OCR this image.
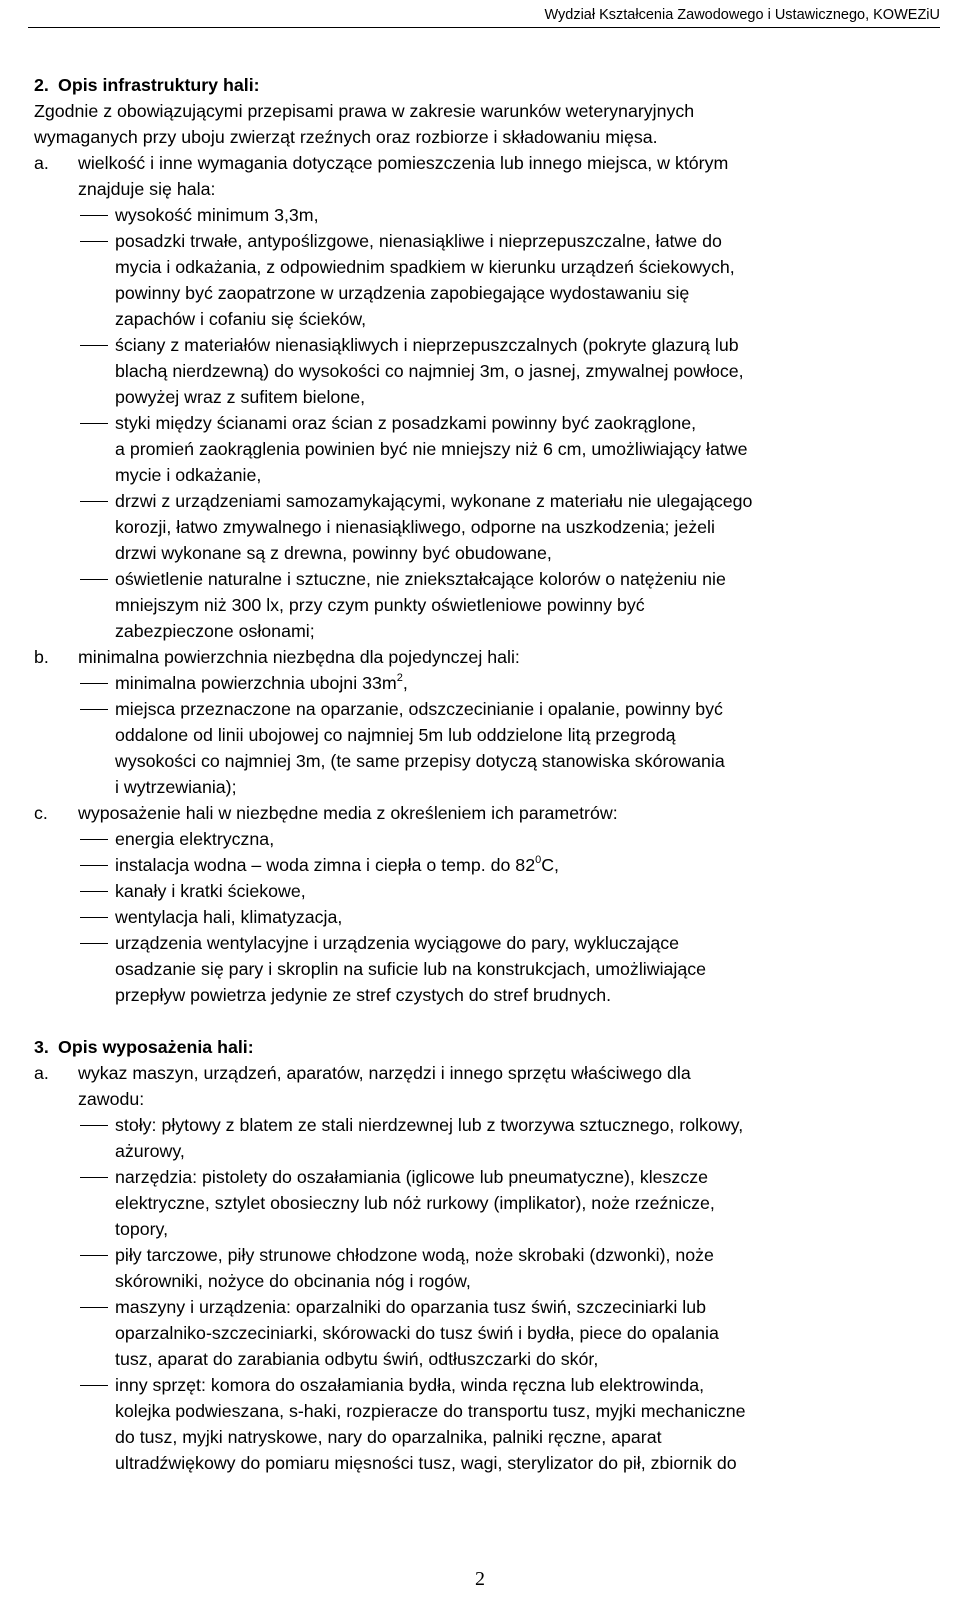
Wydział Kształcenia Zawodowego i Ustawicznego, KOWEZiU
2. Opis infrastruktury hali:
Zgodnie z obowiązującymi przepisami prawa w zakresie warunków weterynaryjnych
wymaganych przy uboju zwierząt rzeźnych oraz rozbiorze i składowaniu mięsa.
a. wielkość i inne wymagania dotyczące pomieszczenia lub innego miejsca, w którym
znajduje się hala:
wysokość minimum 3,3m,
posadzki trwałe, antypoślizgowe, nienasiąkliwe i nieprzepuszczalne, łatwe do
mycia i odkażania, z odpowiednim spadkiem w kierunku urządzeń ściekowych,
powinny być zaopatrzone w urządzenia zapobiegające wydostawaniu się
zapachów i cofaniu się ścieków,
ściany z materiałów nienasiąkliwych i nieprzepuszczalnych (pokryte glazurą lub
blachą nierdzewną) do wysokości co najmniej 3m, o jasnej, zmywalnej powłoce,
powyżej wraz z sufitem bielone,
styki między ścianami oraz ścian z posadzkami powinny być zaokrąglone,
a promień zaokrąglenia powinien być nie mniejszy niż 6 cm, umożliwiający łatwe
mycie i odkażanie,
drzwi z urządzeniami samozamykającymi, wykonane z materiału nie ulegającego
korozji, łatwo zmywalnego i nienasiąkliwego, odporne na uszkodzenia; jeżeli
drzwi wykonane są z drewna, powinny być obudowane,
oświetlenie naturalne i sztuczne, nie zniekształcające kolorów o natężeniu nie
mniejszym niż 300 lx, przy czym punkty oświetleniowe powinny być
zabezpieczone osłonami;
b. minimalna powierzchnia niezbędna dla pojedynczej hali:
minimalna powierzchnia ubojni $33m^2$,
miejsca przeznaczone na oparzanie, odszczecinianie i opalanie, powinny być
oddalone od linii ubojowej co najmniej 5m lub oddzielone litą przegrodą
wysokości co najmniej 3m, (te same przepisy dotyczą stanowiska skórowania
i wytrzewiania);
c. wyposażenie hali w niezbędne media z określeniem ich parametrów:
energia elektryczna,
instalacja wodna – woda zimna i ciepła o temp. do $82^0C$,
kanały i kratki ściekowe,
wentylacja hali, klimatyzacja,
urządzenia wentylacyjne i urządzenia wyciągowe do pary, wykluczające
osadzanie się pary i skroplin na suficie lub na konstrukcjach, umożliwiające
przepływ powietrza jedynie ze stref czystych do stref brudnych.
3. Opis wyposażenia hali:
a. wykaz maszyn, urządzeń, aparatów, narzędzi i innego sprzętu właściwego dla
zawodu:
stoły: płytowy z blatem ze stali nierdzewnej lub z tworzywa sztucznego, rolkowy,
ażurowy,
narzędzia: pistolety do oszałamiania (iglicowe lub pneumatyczne), kleszcze
elektryczne, sztylet obosieczny lub nóż rurkowy (implikator), noże rzeźnicze,
topory,
piły tarczowe, piły strunowe chłodzone wodą, noże skrobaki (dzwonki), noże
skórowniki, nożyce do obcinania nóg i rogów,
maszyny i urządzenia: oparzalniki do oparzania tusz świń, szczeciniarki lub
oparzalniko-szczeciniarki, skórowacki do tusz świń i bydła, piece do opalania
tusz, aparat do zarabiania odbytu świń, odtłuszczarki do skór,
inny sprzęt: komora do oszałamiania bydła, winda ręczna lub elektrowinda,
kolejka podwieszana, s-haki, rozpieracze do transportu tusz, myjki mechaniczne
do tusz, myjki natryskowe, nary do oparzalnika, palniki ręczne, aparat
ultradźwiękowy do pomiaru mięsności tusz, wagi, sterylizator do pił, zbiornik do
2
